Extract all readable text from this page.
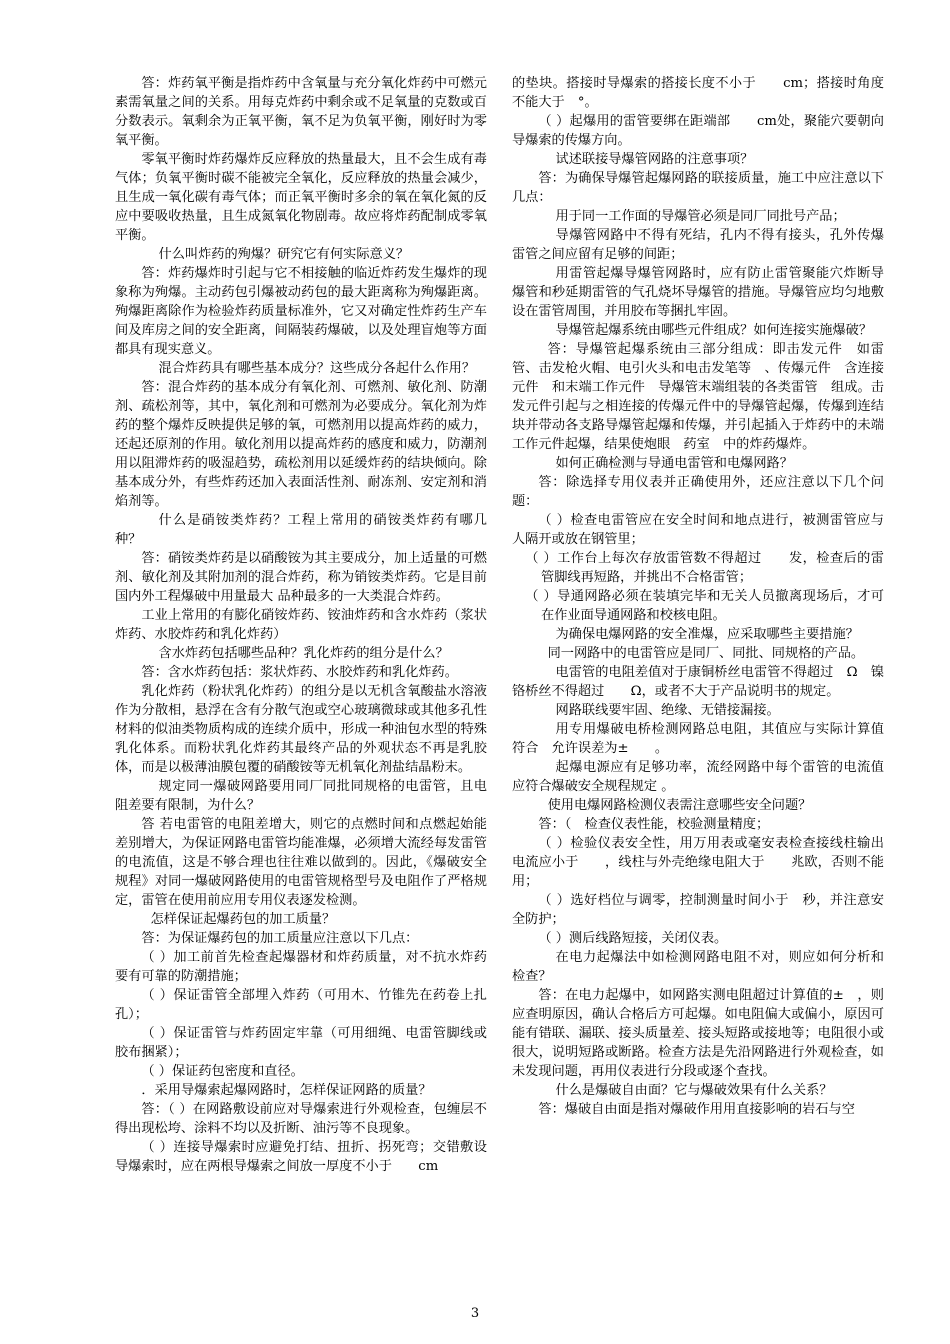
答：炸药氧平衡是指炸药中含氧量与充分氧化炸药中可燃元素需氧量之间的关系。用每克炸药中剩余或不足氧量的克数或百分数表示。氧剩余为正氧平衡，氧不足为负氧平衡，刚好时为零氧平衡。

零氧平衡时炸药爆炸反应释放的热量最大，且不会生成有毒气体；负氧平衡时碳不能被完全氧化，反应释放的热量会减少，且生成一氧化碳有毒气体；而正氧平衡时多余的氧在氧化氮的反应中要吸收热量，且生成氮氧化物剧毒。故应将炸药配制成零氧平衡。

什么叫炸药的殉爆？研究它有何实际意义？

答：炸药爆炸时引起与它不相接触的临近炸药发生爆炸的现象称为殉爆。主动药包引爆被动药包的最大距离称为殉爆距离。殉爆距离除作为检验炸药质量标准外，它又对确定性炸药生产车间及库房之间的安全距离，间隔装药爆破，以及处理盲炮等方面都具有现实意义。

混合炸药具有哪些基本成分？这些成分各起什么作用？

答：混合炸药的基本成分有氧化剂、可燃剂、敏化剂、防潮剂、疏松剂等，其中，氧化剂和可燃剂为必要成分。氧化剂为炸药的整个爆炸反映提供足够的氧，可燃剂用以提高炸药的威力，还起还原剂的作用。敏化剂用以提高炸药的感度和威力，防潮剂用以阻滞炸药的吸湿趋势，疏松剂用以延缓炸药的结块倾向。除基本成分外，有些炸药还加入表面活性剂、耐冻剂、安定剂和消焰剂等。

什么是硝铵类炸药？工程上常用的硝铵类炸药有哪几种？

答：硝铵类炸药是以硝酸铵为其主要成分，加上适量的可燃剂、敏化剂及其附加剂的混合炸药，称为销铵类炸药。它是目前国内外工程爆破中用量最大 品种最多的一大类混合炸药。

工业上常用的有膨化硝铵炸药、铵油炸药和含水炸药（浆状炸药、水胶炸药和乳化炸药）

含水炸药包括哪些品种？乳化炸药的组分是什么？

答：含水炸药包括：浆状炸药、水胶炸药和乳化炸药。

乳化炸药（粉状乳化炸药）的组分是以无机含氧酸盐水溶液作为分散相，悬浮在含有分散气泡或空心玻璃微球或其他多孔性材料的似油类物质构成的连续介质中，形成一种油包水型的特殊乳化体系。而粉状乳化炸药其最终产品的外观状态不再是乳胶体，而是以极薄油膜包覆的硝酸铵等无机氧化剂盐结晶粉末。

规定同一爆破网路要用同厂同批同规格的电雷管，且电阻差要有限制，为什么？

答 若电雷管的电阻差增大，则它的点燃时间和点燃起始能差别增大，为保证网路电雷管均能准爆，必须增大流经每发雷管的电流值，这是不够合理也往往难以做到的。因此，《爆破安全规程》对同一爆破网路使用的电雷管规格型号及电阻作了严格规定，雷管在使用前应用专用仪表逐发检测。

怎样保证起爆药包的加工质量？

答：为保证爆药包的加工质量应注意以下几点：

（ ）加工前首先检查起爆器材和炸药质量，对不抗水炸药要有可靠的防潮措施；

（ ）保证雷管全部埋入炸药（可用木、竹锥先在药卷上扎孔）；

（ ）保证雷管与炸药固定牢靠（可用细绳、电雷管脚线或胶布捆紧）；

（ ）保证药包密度和直径。

．采用导爆索起爆网路时，怎样保证网路的质量？

答：（ ）在网路敷设前应对导爆索进行外观检查，包缠层不得出现松垮、涂料不均以及折断、油污等不良现象。

（ ）连接导爆索时应避免打结、扭折、拐死弯；交错敷设导爆索时，应在两根导爆索之间放一厚度不小于　　cm

的垫块。搭接时导爆索的搭接长度不小于　　cm；搭接时角度不能大于　°。

（ ）起爆用的雷管要绑在距端部　　cm处，聚能穴要朝向导爆索的传爆方向。

试述联接导爆管网路的注意事项？

答：为确保导爆管起爆网路的联接质量，施工中应注意以下几点：

用于同一工作面的导爆管必须是同厂同批号产品；

导爆管网路中不得有死结，孔内不得有接头，孔外传爆雷管之间应留有足够的间距；

用雷管起爆导爆管网路时，应有防止雷管聚能穴炸断导爆管和秒延期雷管的气孔烧坏导爆管的措施。导爆管应均匀地敷设在雷管周围，并用胶布等捆扎牢固。

导爆管起爆系统由哪些元件组成？如何连接实施爆破？

答：导爆管起爆系统由三部分组成：即击发元件　如雷管、击发枪火帽、电引火头和电击发笔等　、传爆元件　含连接元件　和末端工作元件　导爆管末端组装的各类雷管　组成。击发元件引起与之相连接的传爆元件中的导爆管起爆，传爆到连结块并带动各支路导爆管起爆和传爆，并引起插入于炸药中的未端工作元件起爆，结果使炮眼　药室　中的炸药爆炸。

如何正确检测与导通电雷管和电爆网路？

答：除选择专用仪表并正确使用外，还应注意以下几个问题：

（ ）检查电雷管应在安全时间和地点进行，被测雷管应与人隔开或放在钢管里；

（ ）工作台上每次存放雷管数不得超过　　发，检查后的雷管脚线再短路，并挑出不合格雷管；

（ ）导通网路必须在装填完毕和无关人员撤离现场后，才可在作业面导通网路和校核电阻。

为确保电爆网路的安全准爆，应采取哪些主要措施？

同一网路中的电雷管应是同厂、同批、同规格的产品。

电雷管的电阻差值对于康铜桥丝电雷管不得超过　Ω　镍铬桥丝不得超过　　Ω，或者不大于产品说明书的规定。

网路联线要牢固、绝缘、无错接漏接。

用专用爆破电桥检测网路总电阻，其值应与实际计算值符合　允许误差为±　　。

起爆电源应有足够功率，流经网路中每个雷管的电流值应符合爆破安全规程规定 。

使用电爆网路检测仪表需注意哪些安全问题？

答：（　检查仪表性能，校验测量精度；

（ ）检验仪表安全性，用万用表或毫安表检查接线柱输出电流应小于　　，线柱与外壳绝缘电阻大于　　兆欧，否则不能用；

（ ）选好档位与调零，控制测量时间小于　秒，并注意安全防护；

（ ）测后线路短接，关闭仪表。

在电力起爆法中如检测网路电阻不对，则应如何分析和检查？

答：在电力起爆中，如网路实测电阻超过计算值的±　，则应查明原因，确认合格后方可起爆。如电阻偏大或偏小，原因可能有错联、漏联、接头质量差、接头短路或接地等；电阻很小或很大，说明短路或断路。检查方法是先沿网路进行外观检查，如未发现问题，再用仪表进行分段或逐个查找。

什么是爆破自由面？它与爆破效果有什么关系？

答：爆破自由面是指对爆破作用用直接影响的岩石与空

3
